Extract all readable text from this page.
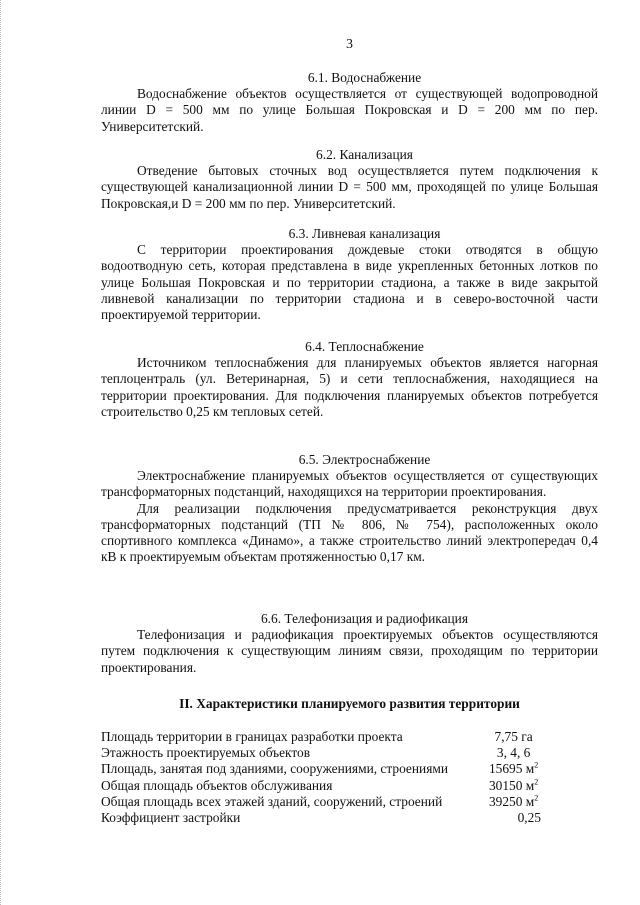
3
6.1. Водоснабжение

Водоснабжение объектов осуществляется от существующей водопроводной линии D = 500 мм по улице Большая Покровская и D = 200 мм по пер. Университетский.

6.2. Канализация

Отведение бытовых сточных вод осуществляется путем подключения к существующей канализационной линии D = 500 мм, проходящей по улице Большая Покровская,и D = 200 мм по пер. Университетский.

6.3. Ливневая канализация

С территории проектирования дождевые стоки отводятся в общую водоотводную сеть, которая представлена в виде укрепленных бетонных лотков по улице Большая Покровская и по территории стадиона, а также в виде закрытой ливневой канализации по территории стадиона и в северо-восточной части проектируемой территории.

6.4. Теплоснабжение

Источником теплоснабжения для планируемых объектов является нагорная теплоцентраль (ул. Ветеринарная, 5) и сети теплоснабжения, находящиеся на территории проектирования. Для подключения планируемых объектов потребуется строительство 0,25 км тепловых сетей.

6.5. Электроснабжение

Электроснабжение планируемых объектов осуществляется от существующих трансформаторных подстанций, находящихся на территории проектирования.

Для реализации подключения предусматривается реконструкция двух трансформаторных подстанций (ТП № 806, № 754), расположенных около спортивного комплекса «Динамо», а также строительство линий электропередач 0,4 кВ к проектируемым объектам протяженностью 0,17 км.

6.6. Телефонизация и радиофикация

Телефонизация и радиофикация проектируемых объектов осуществляются путем подключения к существующим линиям связи, проходящим по территории проектирования.

II. Характеристики планируемого развития территории
Площадь территории в границах разработки проекта	7,75 га
Этажность проектируемых объектов	3, 4, 6
Площадь, занятая под зданиями, сооружениями, строениями	15695 $м^2$
Общая площадь объектов обслуживания	30150 $м^2$
Общая площадь всех этажей зданий, сооружений, строений	39250 $м^2$
Коэффициент застройки	0,25
